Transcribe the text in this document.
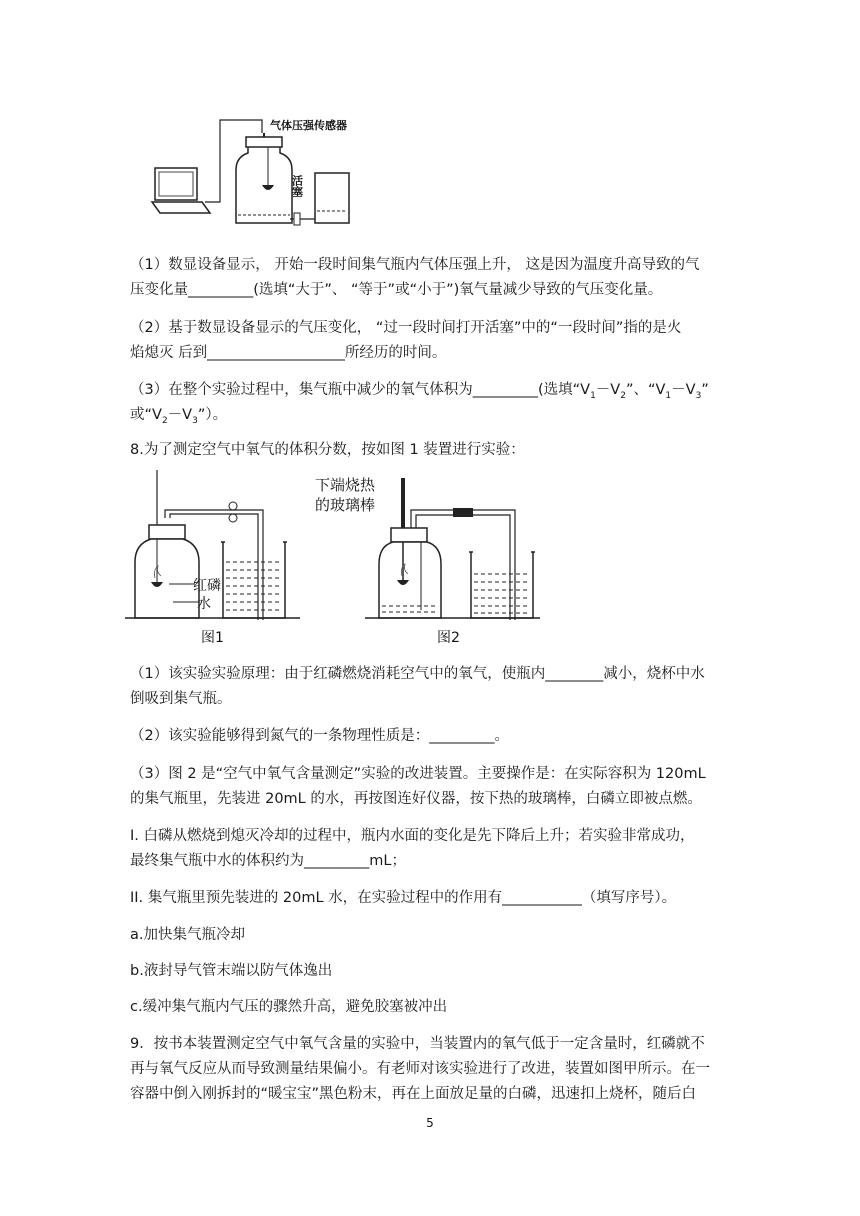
气体压强传感器
活塞
（1）数显设备显示， 开始一段时间集气瓶内气体压强上升， 这是因为温度升高导致的气
压变化量_________(选填“大于”、 “等于”或“小于”)氧气量减少导致的气压变化量。
（2）基于数显设备显示的气压变化， “过一段时间打开活塞”中的“一段时间”指的是火
焰熄灭 后到___________________所经历的时间。
（3）在整个实验过程中，集气瓶中减少的氧气体积为_________(选填“$V_1-V_2$”、“$V_1-V_3$”
或“$V_2-V_3$”）。
8.为了测定空气中氧气的体积分数，按如图 1 装置进行实验：
红磷
水
图1
下端烧热
的玻璃棒
图2
（1）该实验实验原理：由于红磷燃烧消耗空气中的氧气，使瓶内________减小，烧杯中水
倒吸到集气瓶。
（2）该实验能够得到氮气的一条物理性质是：_________。
（3）图 2 是“空气中氧气含量测定”实验的改进装置。主要操作是：在实际容积为 120mL
的集气瓶里，先装进 20mL 的水，再按图连好仪器，按下热的玻璃棒，白磷立即被点燃。
I. 白磷从燃烧到熄灭冷却的过程中，瓶内水面的变化是先下降后上升；若实验非常成功，
最终集气瓶中水的体积约为_________mL；
II. 集气瓶里预先装进的 20mL 水，在实验过程中的作用有___________（填写序号）。
a.加快集气瓶冷却
b.液封导气管末端以防气体逸出
c.缓冲集气瓶内气压的骤然升高，避免胶塞被冲出
9．按书本装置测定空气中氧气含量的实验中，当装置内的氧气低于一定含量时，红磷就不
再与氧气反应从而导致测量结果偏小。有老师对该实验进行了改进，装置如图甲所示。在一
容器中倒入刚拆封的“暖宝宝”黑色粉末，再在上面放足量的白磷，迅速扣上烧杯，随后白
5
